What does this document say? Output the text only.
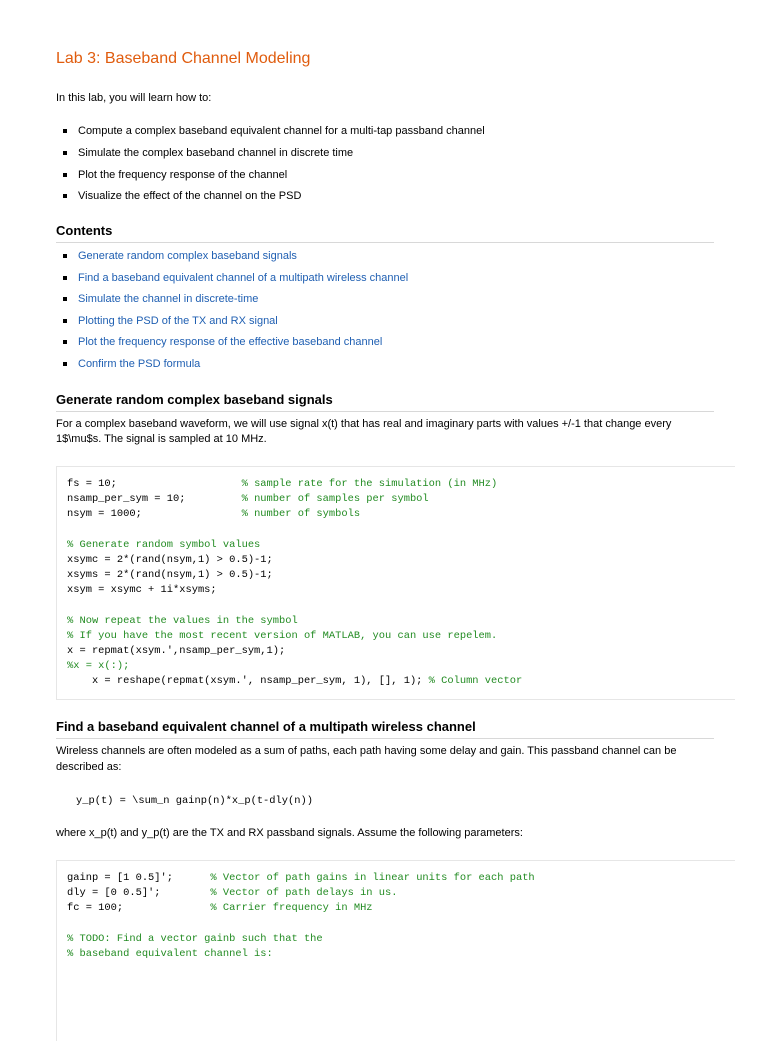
Lab 3: Baseband Channel Modeling

In this lab, you will learn how to:

Compute a complex baseband equivalent channel for a multi-tap passband channel
Simulate the complex baseband channel in discrete time
Plot the frequency response of the channel
Visualize the effect of the channel on the PSD
Contents
Generate random complex baseband signals
Find a baseband equivalent channel of a multipath wireless channel
Simulate the channel in discrete-time
Plotting the PSD of the TX and RX signal
Plot the frequency response of the effective baseband channel
Confirm the PSD formula
Generate random complex baseband signals

For a complex baseband waveform, we will use signal x(t) that has real and imaginary parts with values +/-1 that change every

1$\mu$s. The signal is sampled at 10 MHz.

fs = 10;                    % sample rate for the simulation (in MHz)
nsamp_per_sym = 10;         % number of samples per symbol
nsym = 1000;                % number of symbols
% Generate random symbol values
xsymc = 2*(rand(nsym,1) > 0.5)-1;
xsyms = 2*(rand(nsym,1) > 0.5)-1;
xsym = xsymc + 1i*xsyms;
% Now repeat the values in the symbol
% If you have the most recent version of MATLAB, you can use repelem.
x = repmat(xsym.',nsamp_per_sym,1);
%x = x(:);
x = reshape(repmat(xsym.', nsamp_per_sym, 1), [], 1); % Column vector
Find a baseband equivalent channel of a multipath wireless channel

Wireless channels are often modeled as a sum of paths, each path having some delay and gain. This passband channel can be

described as:

y_p(t) = \sum_n gainp(n)*x_p(t-dly(n))

where x_p(t) and y_p(t) are the TX and RX passband signals. Assume the following parameters:

gainp = [1 0.5]';      % Vector of path gains in linear units for each path
dly = [0 0.5]';        % Vector of path delays in us.
fc = 100;              % Carrier frequency in MHz
% TODO: Find a vector gainb such that the
% baseband equivalent channel is:
